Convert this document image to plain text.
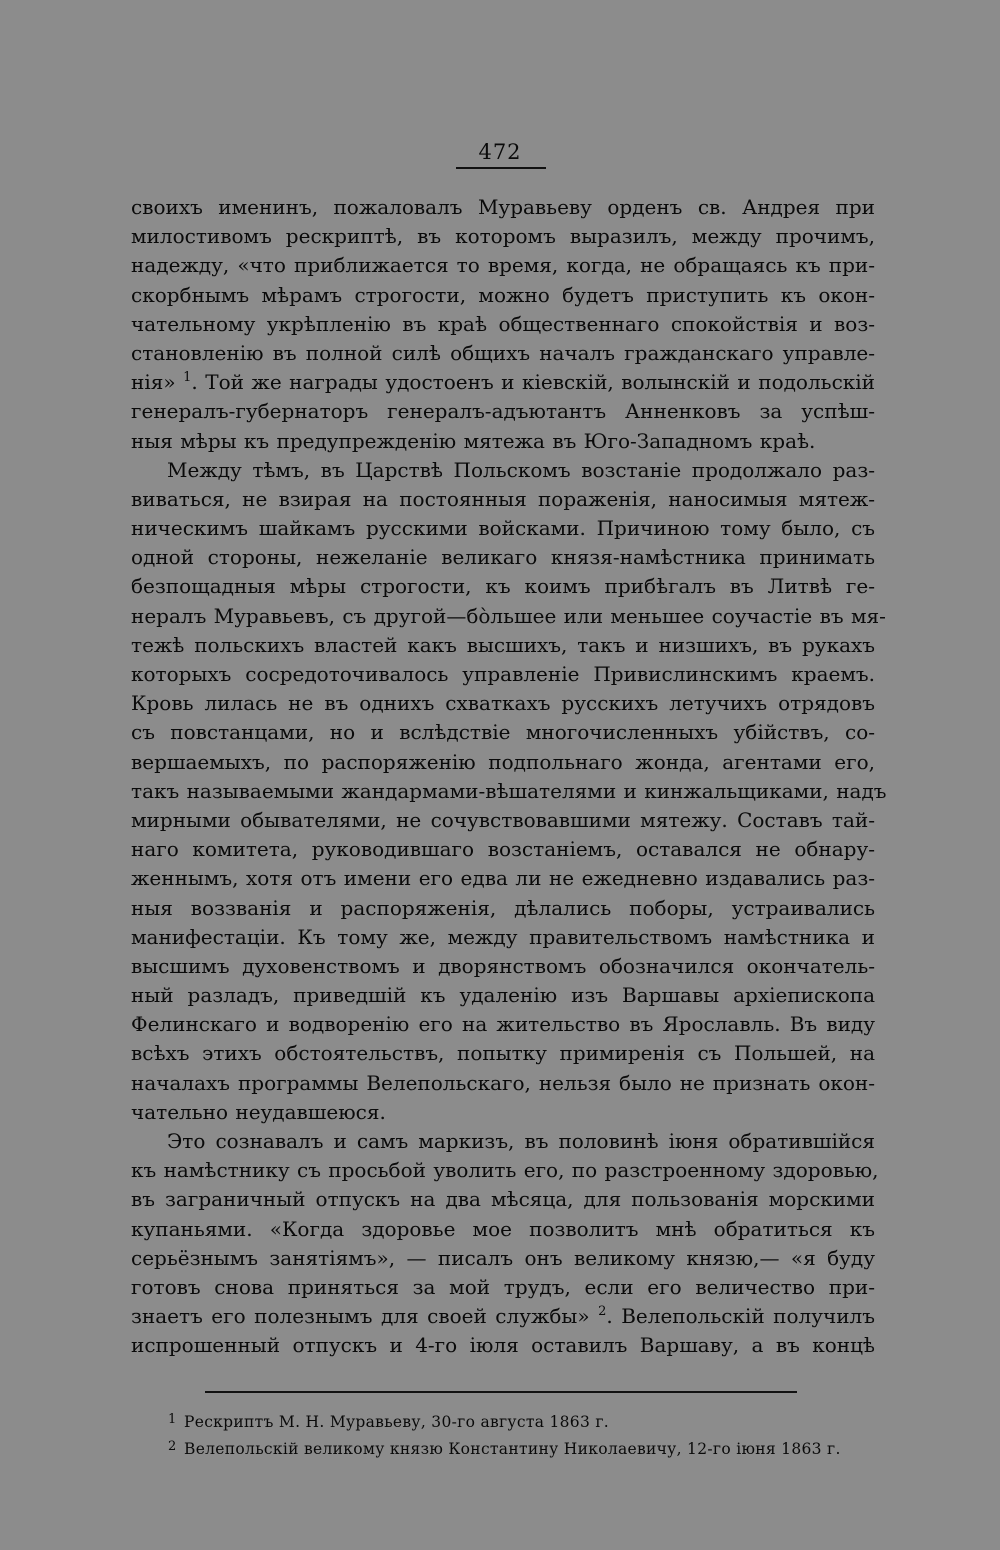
472
своихъ именинъ, пожаловалъ Муравьеву орденъ св. Андрея при
милостивомъ рескриптѣ, въ которомъ выразилъ, между прочимъ,
надежду, «что приближается то время, когда, не обращаясь къ при-
скорбнымъ мѣрамъ строгости, можно будетъ приступить къ окон-
чательному укрѣпленію въ краѣ общественнаго спокойствія и воз-
становленію въ полной силѣ общихъ началъ гражданскаго управле-
нія» $^1$. Той же награды удостоенъ и кіевскій, волынскій и подольскій
генералъ-губернаторъ генералъ-адъютантъ Анненковъ за успѣш-
ныя мѣры къ предупрежденію мятежа въ Юго-Западномъ краѣ.
Между тѣмъ, въ Царствѣ Польскомъ возстаніе продолжало раз-
виваться, не взирая на постоянныя пораженія, наносимыя мятеж-
ническимъ шайкамъ русскими войсками. Причиною тому было, съ
одной стороны, нежеланіе великаго князя-намѣстника принимать
безпощадныя мѣры строгости, къ коимъ прибѣгалъ въ Литвѣ ге-
нералъ Муравьевъ, съ другой—бо̀льшее или меньшее соучастіе въ мя-
тежѣ польскихъ властей какъ высшихъ, такъ и низшихъ, въ рукахъ
которыхъ сосредоточивалось управленіе Привислинскимъ краемъ.
Кровь лилась не въ однихъ схваткахъ русскихъ летучихъ отрядовъ
съ повстанцами, но и вслѣдствіе многочисленныхъ убійствъ, со-
вершаемыхъ, по распоряженію подпольнаго жонда, агентами его,
такъ называемыми жандармами-вѣшателями и кинжальщиками, надъ
мирными обывателями, не сочувствовавшими мятежу. Составъ тай-
наго комитета, руководившаго возстаніемъ, оставался не обнару-
женнымъ, хотя отъ имени его едва ли не ежедневно издавались раз-
ныя воззванія и распоряженія, дѣлались поборы, устраивались
манифестаціи. Къ тому же, между правительствомъ намѣстника и
высшимъ духовенствомъ и дворянствомъ обозначился окончатель-
ный разладъ, приведшій къ удаленію изъ Варшавы архіепископа
Фелинскаго и водворенію его на жительство въ Ярославль. Въ виду
всѣхъ этихъ обстоятельствъ, попытку примиренія съ Польшей, на
началахъ программы Велепольскаго, нельзя было не признать окон-
чательно неудавшеюся.
Это сознавалъ и самъ маркизъ, въ половинѣ іюня обратившійся
къ намѣстнику съ просьбой уволить его, по разстроенному здоровью,
въ заграничный отпускъ на два мѣсяца, для пользованія морскими
купаньями. «Когда здоровье мое позволитъ мнѣ обратиться къ
серьёзнымъ занятіямъ», — писалъ онъ великому князю,— «я буду
готовъ снова приняться за мой трудъ, если его величество при-
знаетъ его полезнымъ для своей службы» $^2$. Велепольскій получилъ
испрошенный отпускъ и 4-го іюля оставилъ Варшаву, а въ концѣ
1 Рескриптъ М. Н. Муравьеву, 30-го августа 1863 г.
2 Велепольскій великому князю Константину Николаевичу, 12-го іюня 1863 г.
